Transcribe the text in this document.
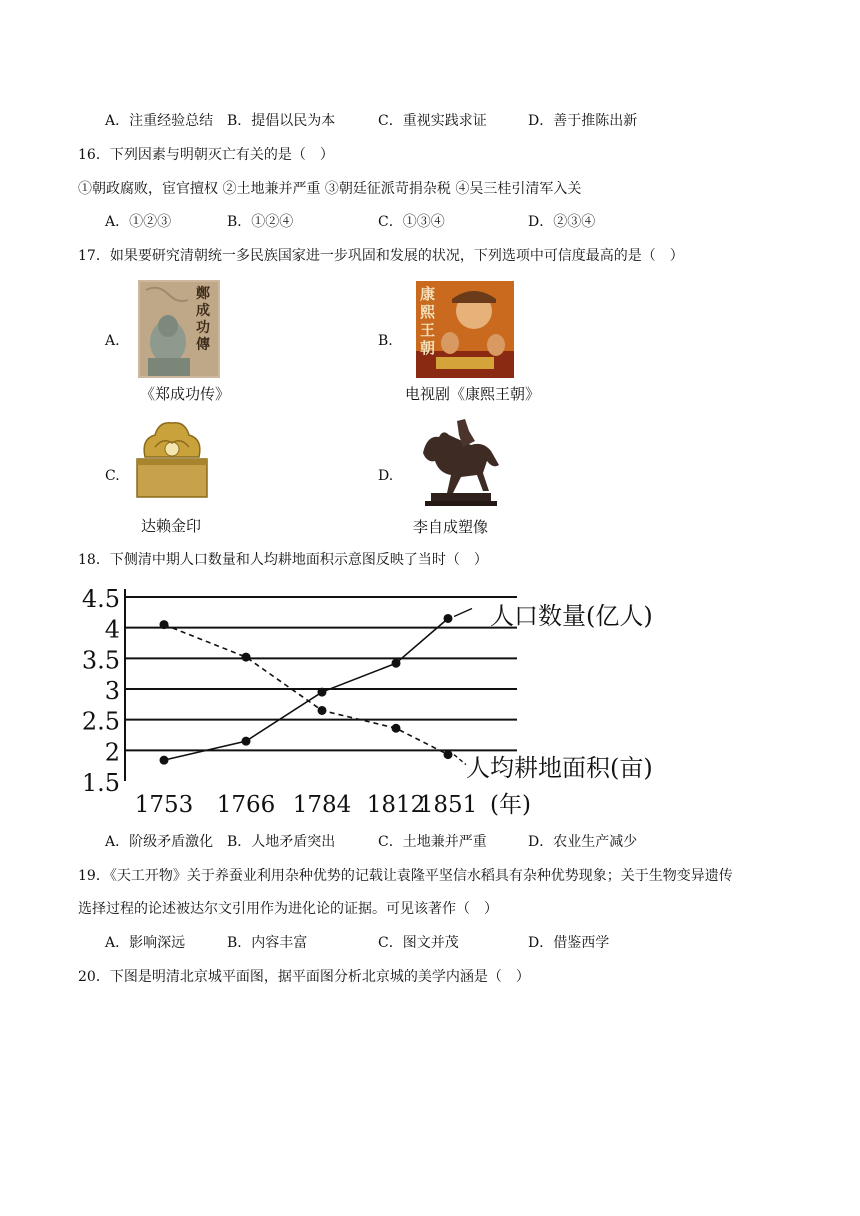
A．注重经验总结 B．提倡以民为本	C．重视实践求证	D．善于推陈出新
16．下列因素与明朝灭亡有关的是（　）
①朝政腐败，宦官擅权 ②土地兼并严重 ③朝廷征派苛捐杂税 ④吴三桂引清军入关
A．①②③	B．①②④	C．①③④	D．②③④
17．如果要研究清朝统一多民族国家进一步巩固和发展的状况，下列选项中可信度最高的是（　）
A.
鄭成功傳
《郑成功传》
B.
康熙王朝
电视剧《康熙王朝》
C.
达赖金印
D.
李自成塑像
18．下侧清中期人口数量和人均耕地面积示意图反映了当时（　）
4.5
4
3.5
3
2.5
2
1.5
1753 1766 1784 1812
1851 (年)
人口数量(亿人)
人均耕地面积(亩)
A．阶级矛盾激化 B．人地矛盾突出	C．土地兼并严重	D．农业生产减少
19．《天工开物》关于养蚕业利用杂种优势的记载让袁隆平坚信水稻具有杂种优势现象；关于生物变异遗传
选择过程的论述被达尔文引用作为进化论的证据。可见该著作（　）
A．影响深远	B．内容丰富	C．图文并茂	D．借鉴西学
20．下图是明清北京城平面图，据平面图分析北京城的美学内涵是（　）
